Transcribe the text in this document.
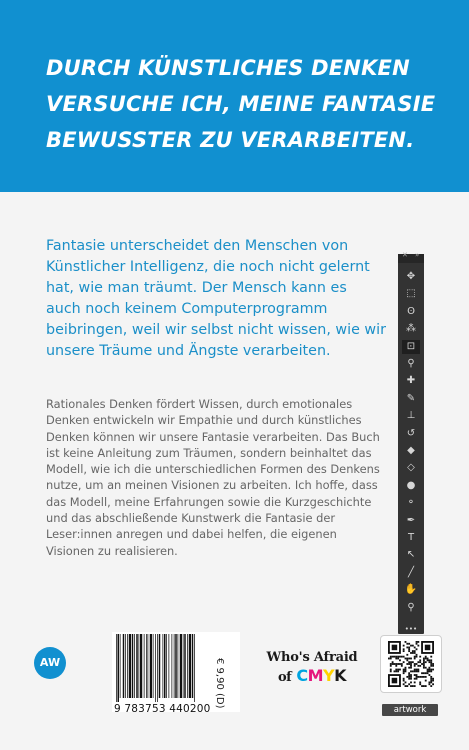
DURCH KÜNSTLICHES DENKEN VERSUCHE ICH, MEINE FANTASIE BEWUSSTER ZU VERARBEITEN.

Fantasie unterscheidet den Menschen von Künstlicher Intelligenz, die noch nicht gelernt hat, wie man träumt. Der Mensch kann es auch noch keinem Computerprogramm beibringen, weil wir selbst nicht wissen, wie wir unsere Träume und Ängste verarbeiten.

Rationales Denken fördert Wissen, durch emotionales Denken entwickeln wir Empathie und durch künstliches Denken können wir unsere Fantasie verarbeiten. Das Buch ist keine Anleitung zum Träumen, sondern beinhaltet das Modell, wie ich die unterschiedlichen Formen des Denkens nutze, um an meinen Visionen zu arbeiten. Ich hoffe, dass das Modell, meine Erfahrungen sowie die Kurzgeschichte und das abschließende Kunstwerk die Fantasie der Leser:innen anregen und dabei helfen, die eigenen Visionen zu realisieren.

✕ »
✥
⬚
ʘ
⁂
⊡
⚲
✚
✎
⊥
↺
◆
◇
●
⚬
✒
T
↖
╱
✋
⚲
•••
AW

9 783753 440200

€ 9,90 (D)
Who's Afraid
of CMYK
artwork
